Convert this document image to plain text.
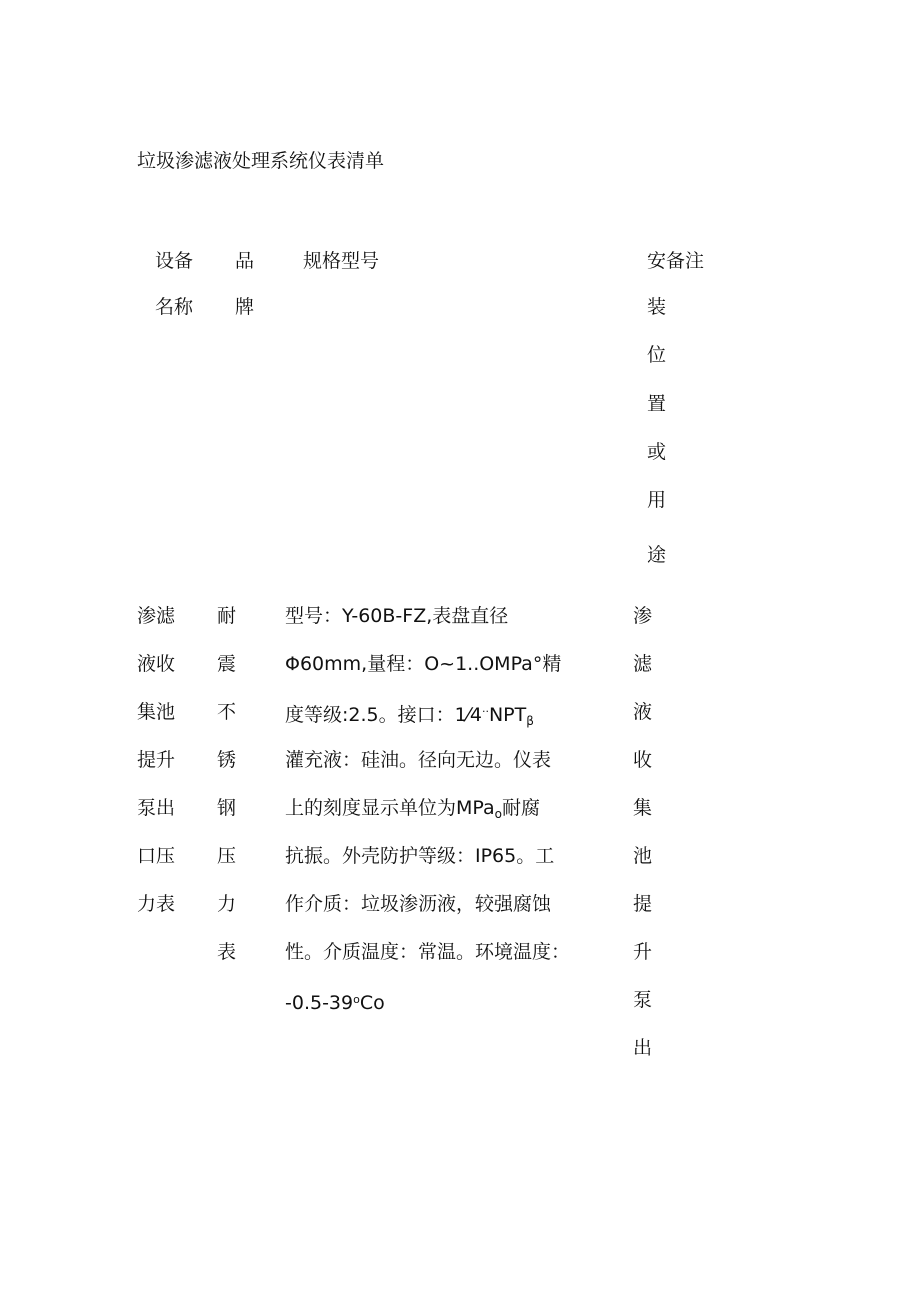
垃圾渗滤液处理系统仪表清单
设备
名称
品
牌
规格型号	安备注
装
位
置
或
用
途
渗滤
液收
集池
提升
泵出
口压
力表
耐
震
不
锈
钢
压
力
表
型号：Y-60B-FZ,表盘直径
Φ60mm,量程：O~1..OMPa°精
度等级:2.5。接口：$1⁄4^{\cdot\cdot}NPT_\beta$
灌充液：硅油。径向无边。仪表
上的刻度显示单位为MPa$_o$耐腐
抗振。外壳防护等级：IP65。工
作介质：垃圾渗沥液，较强腐蚀
性。介质温度：常温。环境温度：
-0.5-39$^o$Co
渗
滤
液
收
集
池
提
升
泵
出
